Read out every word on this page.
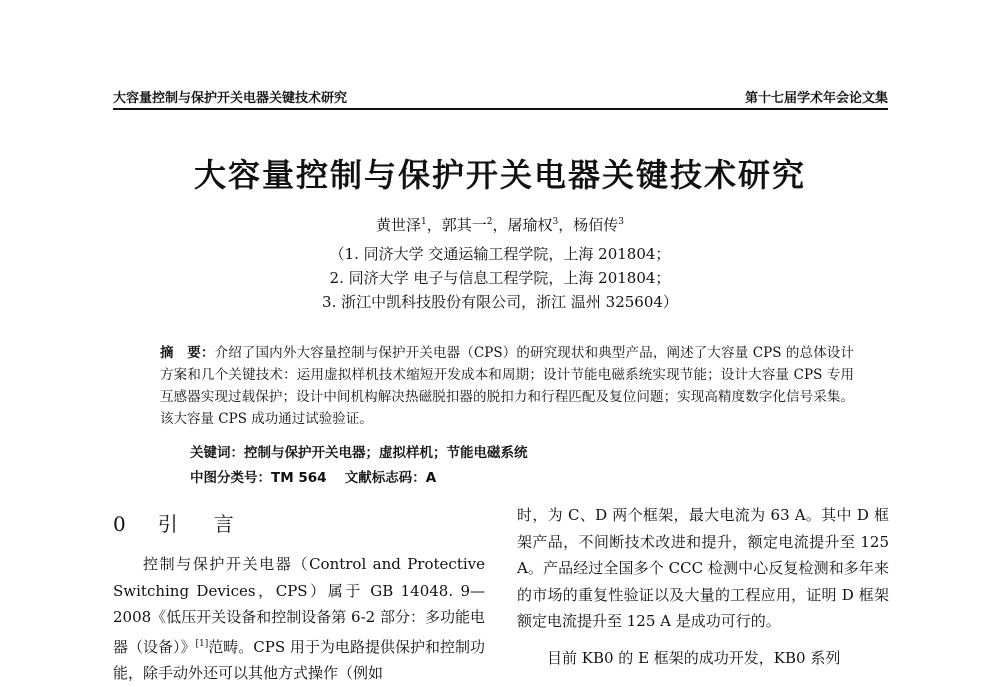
大容量控制与保护开关电器关键技术研究	第十七届学术年会论文集
大容量控制与保护开关电器关键技术研究
黄世泽$^1$，郭其一$^2$，屠瑜权$^3$，杨佰传$^3$
（1. 同济大学 交通运输工程学院，上海 201804；
2. 同济大学 电子与信息工程学院，上海 201804；
3. 浙江中凯科技股份有限公司，浙江 温州 325604）
摘　要：介绍了国内外大容量控制与保护开关电器（CPS）的研究现状和典型产品，阐述了大容量 CPS 的总体设计方案和几个关键技术：运用虚拟样机技术缩短开发成本和周期；设计节能电磁系统实现节能；设计大容量 CPS 专用互感器实现过载保护；设计中间机构解决热磁脱扣器的脱扣力和行程匹配及复位问题；实现高精度数字化信号采集。该大容量 CPS 成功通过试验验证。
关键词：控制与保护开关电器；虚拟样机；节能电磁系统
中图分类号：TM 564　 文献标志码：A
0 引　言
控制与保护开关电器（Control and Protective Switching Devices，CPS）属于 GB 14048. 9—2008《低压开关设备和控制设备第 6-2 部分：多功能电器（设备）》[1]范畴。CPS 用于为电路提供保护和控制功能，除手动外还可以其他方式操作（例如
时，为 C、D 两个框架，最大电流为 63 A。其中 D 框架产品，不间断技术改进和提升，额定电流提升至 125 A。产品经过全国多个 CCC 检测中心反复检测和多年来的市场的重复性验证以及大量的工程应用，证明 D 框架额定电流提升至 125 A 是成功可行的。
目前 KB0 的 E 框架的成功开发，KB0 系列
